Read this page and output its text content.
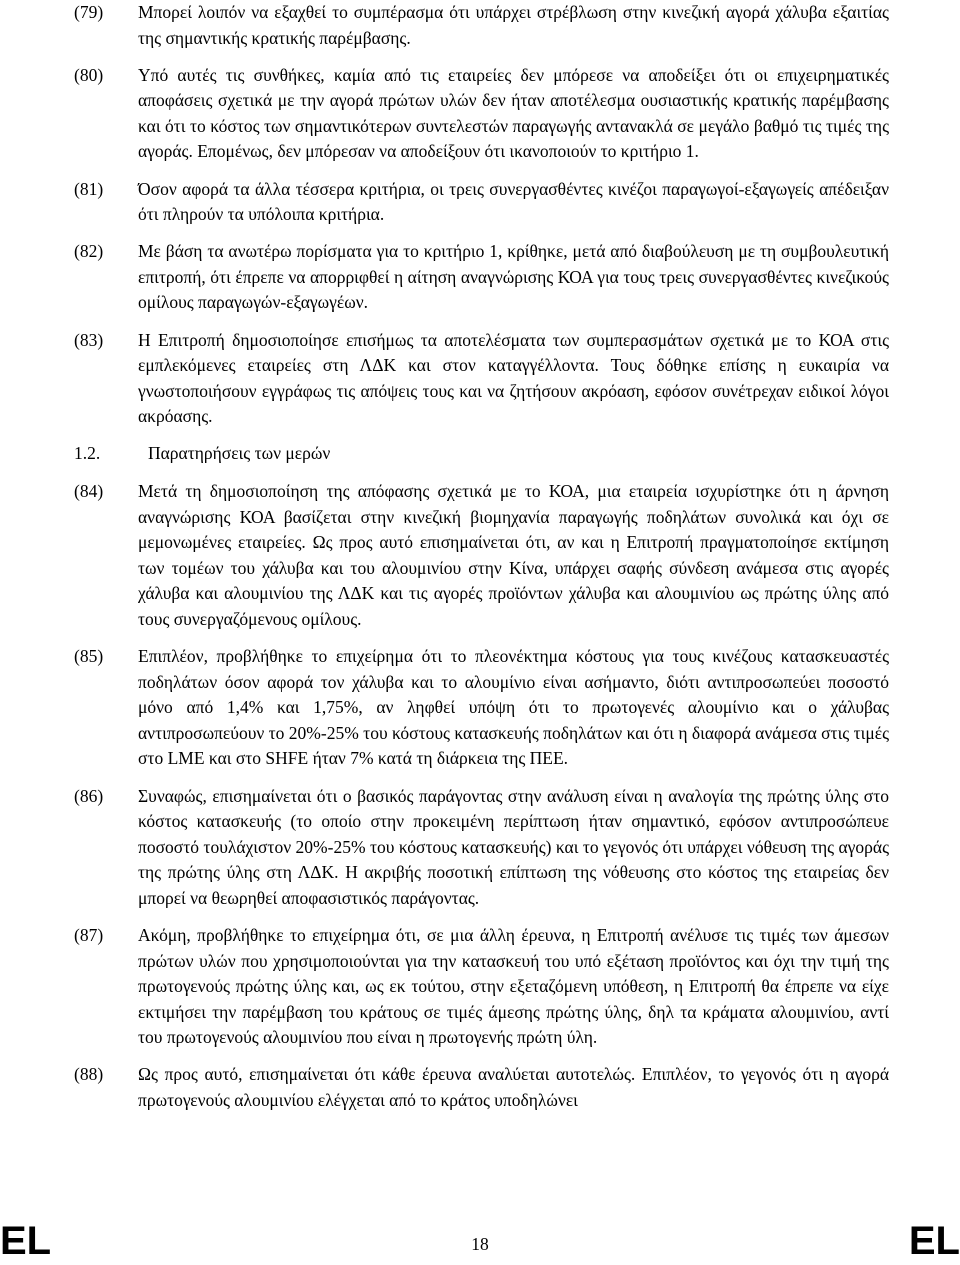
(79)	Μπορεί λοιπόν να εξαχθεί το συμπέρασμα ότι υπάρχει στρέβλωση στην κινεζική αγορά χάλυβα εξαιτίας της σημαντικής κρατικής παρέμβασης.
(80)	Υπό αυτές τις συνθήκες, καμία από τις εταιρείες δεν μπόρεσε να αποδείξει ότι οι επιχειρηματικές αποφάσεις σχετικά με την αγορά πρώτων υλών δεν ήταν αποτέλεσμα ουσιαστικής κρατικής παρέμβασης και ότι το κόστος των σημαντικότερων συντελεστών παραγωγής αντανακλά σε μεγάλο βαθμό τις τιμές της αγοράς. Επομένως, δεν μπόρεσαν να αποδείξουν ότι ικανοποιούν το κριτήριο 1.
(81)	Όσον αφορά τα άλλα τέσσερα κριτήρια, οι τρεις συνεργασθέντες κινέζοι παραγωγοί-εξαγωγείς απέδειξαν ότι πληρούν τα υπόλοιπα κριτήρια.
(82)	Με βάση τα ανωτέρω πορίσματα για το κριτήριο 1, κρίθηκε, μετά από διαβούλευση με τη συμβουλευτική επιτροπή, ότι έπρεπε να απορριφθεί η αίτηση αναγνώρισης ΚΟΑ για τους τρεις συνεργασθέντες κινεζικούς ομίλους παραγωγών-εξαγωγέων.
(83)	Η Επιτροπή δημοσιοποίησε επισήμως τα αποτελέσματα των συμπερασμάτων σχετικά με το ΚΟΑ στις εμπλεκόμενες εταιρείες στη ΛΔΚ και στον καταγγέλλοντα. Τους δόθηκε επίσης η ευκαιρία να γνωστοποιήσουν εγγράφως τις απόψεις τους και να ζητήσουν ακρόαση, εφόσον συνέτρεχαν ειδικοί λόγοι ακρόασης.
1.2.	Παρατηρήσεις των μερών
(84)	Μετά τη δημοσιοποίηση της απόφασης σχετικά με το ΚΟΑ, μια εταιρεία ισχυρίστηκε ότι η άρνηση αναγνώρισης ΚΟΑ βασίζεται στην κινεζική βιομηχανία παραγωγής ποδηλάτων συνολικά και όχι σε μεμονωμένες εταιρείες. Ως προς αυτό επισημαίνεται ότι, αν και η Επιτροπή πραγματοποίησε εκτίμηση των τομέων του χάλυβα και του αλουμινίου στην Κίνα, υπάρχει σαφής σύνδεση ανάμεσα στις αγορές χάλυβα και αλουμινίου της ΛΔΚ και τις αγορές προϊόντων χάλυβα και αλουμινίου ως πρώτης ύλης από τους συνεργαζόμενους ομίλους.
(85)	Επιπλέον, προβλήθηκε το επιχείρημα ότι το πλεονέκτημα κόστους για τους κινέζους κατασκευαστές ποδηλάτων όσον αφορά τον χάλυβα και το αλουμίνιο είναι ασήμαντο, διότι αντιπροσωπεύει ποσοστό μόνο από 1,4% και 1,75%, αν ληφθεί υπόψη ότι το πρωτογενές αλουμίνιο και ο χάλυβας αντιπροσωπεύουν το 20%-25% του κόστους κατασκευής ποδηλάτων και ότι η διαφορά ανάμεσα στις τιμές στο LME και στο SHFE ήταν 7% κατά τη διάρκεια της ΠΕΕ.
(86)	Συναφώς, επισημαίνεται ότι ο βασικός παράγοντας στην ανάλυση είναι η αναλογία της πρώτης ύλης στο κόστος κατασκευής (το οποίο στην προκειμένη περίπτωση ήταν σημαντικό, εφόσον αντιπροσώπευε ποσοστό τουλάχιστον 20%-25% του κόστους κατασκευής) και το γεγονός ότι υπάρχει νόθευση της αγοράς της πρώτης ύλης στη ΛΔΚ. Η ακριβής ποσοτική επίπτωση της νόθευσης στο κόστος της εταιρείας δεν μπορεί να θεωρηθεί αποφασιστικός παράγοντας.
(87)	Ακόμη, προβλήθηκε το επιχείρημα ότι, σε μια άλλη έρευνα, η Επιτροπή ανέλυσε τις τιμές των άμεσων πρώτων υλών που χρησιμοποιούνται για την κατασκευή του υπό εξέταση προϊόντος και όχι την τιμή της πρωτογενούς πρώτης ύλης και, ως εκ τούτου, στην εξεταζόμενη υπόθεση, η Επιτροπή θα έπρεπε να είχε εκτιμήσει την παρέμβαση του κράτους σε τιμές άμεσης πρώτης ύλης, δηλ τα κράματα αλουμινίου, αντί του πρωτογενούς αλουμινίου που είναι η πρωτογενής πρώτη ύλη.
(88)	Ως προς αυτό, επισημαίνεται ότι κάθε έρευνα αναλύεται αυτοτελώς. Επιπλέον, το γεγονός ότι η αγορά πρωτογενούς αλουμινίου ελέγχεται από το κράτος υποδηλώνει
EL	18	EL
